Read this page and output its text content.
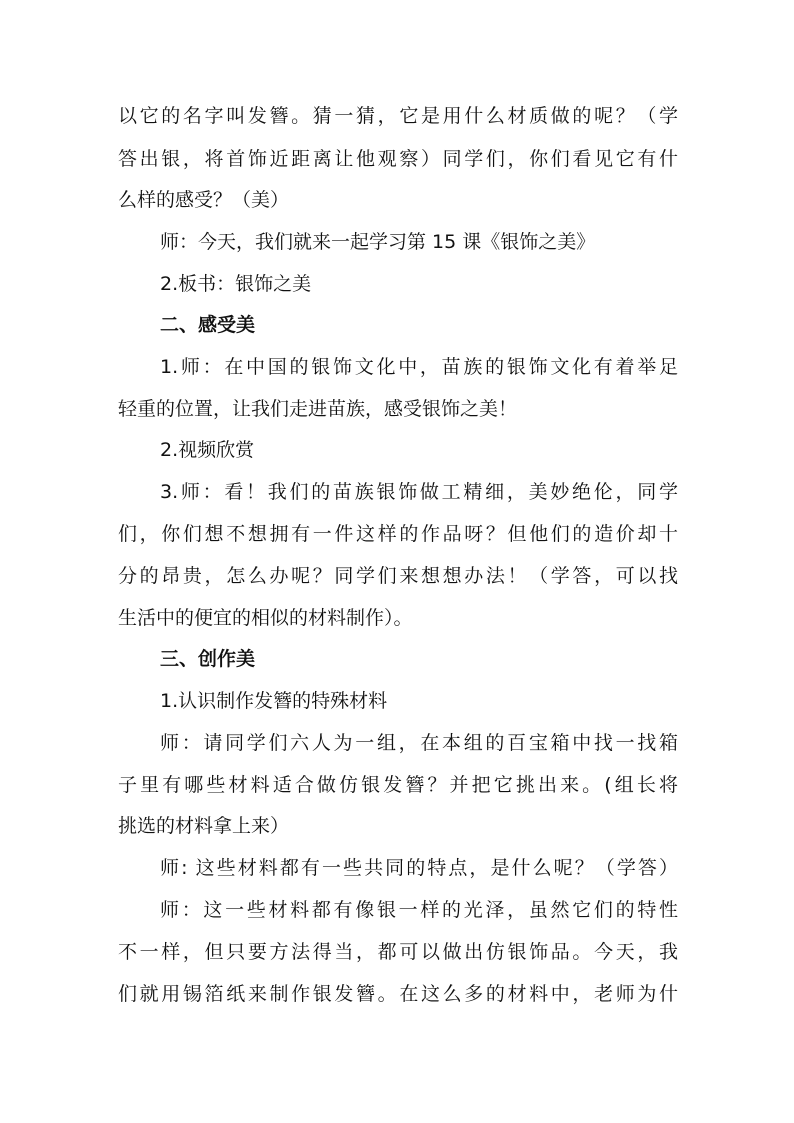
以它的名字叫发簪。猜一猜，它是用什么材质做的呢？（学
答出银，将首饰近距离让他观察）同学们，你们看见它有什
么样的感受？（美）
师：今天，我们就来一起学习第 15 课《银饰之美》
2.板书：银饰之美
二、感受美
1.师：在中国的银饰文化中，苗族的银饰文化有着举足
轻重的位置，让我们走进苗族，感受银饰之美！
2.视频欣赏
3.师：看！我们的苗族银饰做工精细，美妙绝伦，同学
们，你们想不想拥有一件这样的作品呀？但他们的造价却十
分的昂贵，怎么办呢？同学们来想想办法！（学答，可以找
生活中的便宜的相似的材料制作）。
三、创作美
1.认识制作发簪的特殊材料
师：请同学们六人为一组，在本组的百宝箱中找一找箱
子里有哪些材料适合做仿银发簪？并把它挑出来。(组长将
挑选的材料拿上来）
师: 这些材料都有一些共同的特点，是什么呢？（学答）
师：这一些材料都有像银一样的光泽，虽然它们的特性
不一样，但只要方法得当，都可以做出仿银饰品。今天，我
们就用锡箔纸来制作银发簪。在这么多的材料中，老师为什
